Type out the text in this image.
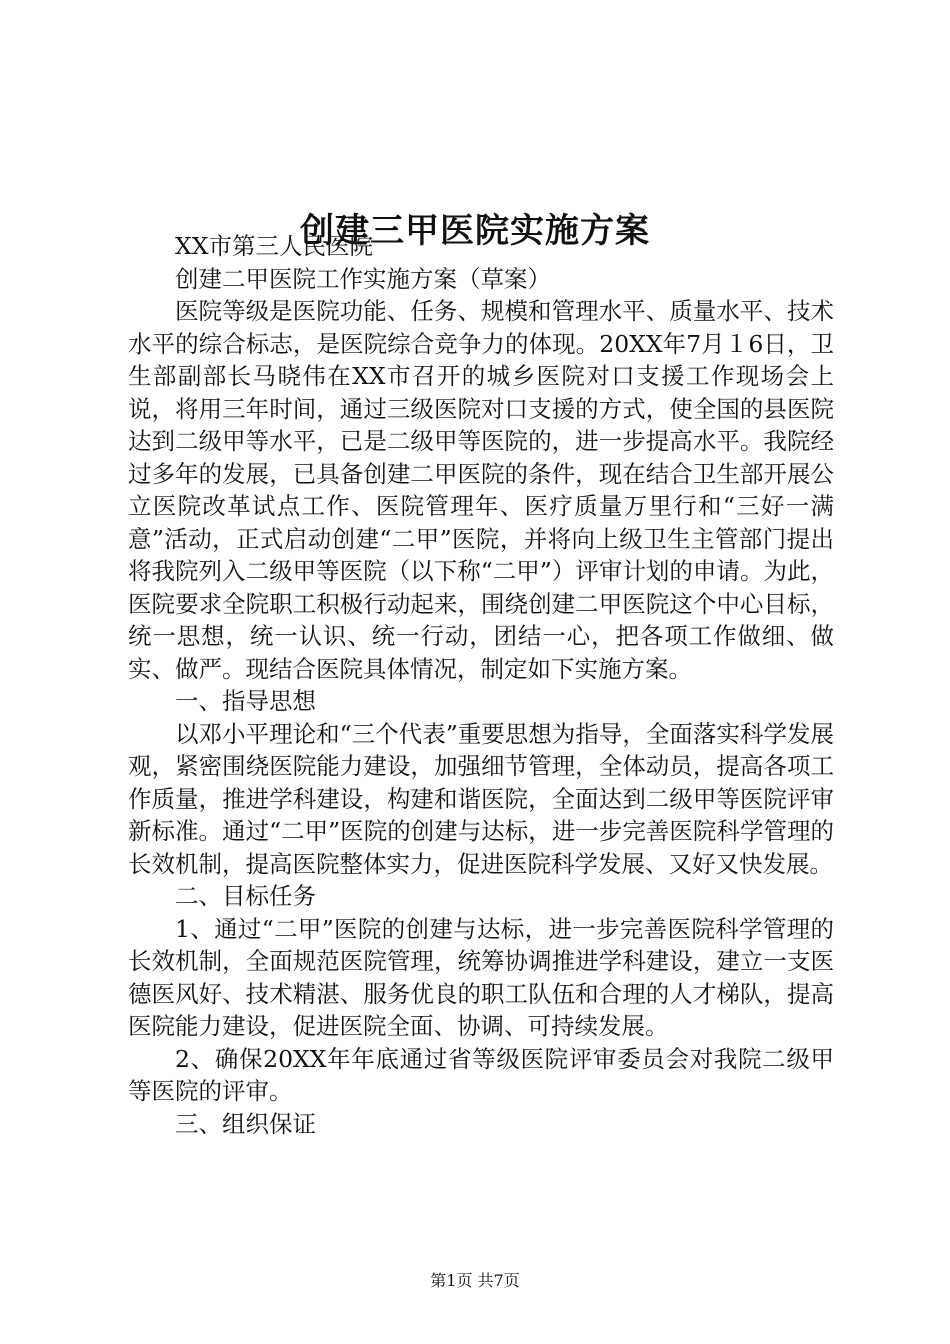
创建三甲医院实施方案

XX市第三人民医院

创建二甲医院工作实施方案（草案）

医院等级是医院功能、任务、规模和管理水平、质量水平、技术水平的综合标志，是医院综合竞争力的体现。20XX年7月１6日，卫生部副部长马晓伟在XX市召开的城乡医院对口支援工作现场会上说，将用三年时间，通过三级医院对口支援的方式，使全国的县医院达到二级甲等水平，已是二级甲等医院的，进一步提高水平。我院经过多年的发展，已具备创建二甲医院的条件，现在结合卫生部开展公立医院改革试点工作、医院管理年、医疗质量万里行和“三好一满意”活动，正式启动创建“二甲”医院，并将向上级卫生主管部门提出将我院列入二级甲等医院（以下称“二甲”）评审计划的申请。为此，医院要求全院职工积极行动起来，围绕创建二甲医院这个中心目标，统一思想，统一认识、统一行动，团结一心，把各项工作做细、做实、做严。现结合医院具体情况，制定如下实施方案。

一、指导思想

以邓小平理论和“三个代表”重要思想为指导，全面落实科学发展观，紧密围绕医院能力建设，加强细节管理，全体动员，提高各项工作质量，推进学科建设，构建和谐医院，全面达到二级甲等医院评审新标准。通过“二甲”医院的创建与达标，进一步完善医院科学管理的长效机制，提高医院整体实力，促进医院科学发展、又好又快发展。

二、目标任务

1、通过“二甲”医院的创建与达标，进一步完善医院科学管理的长效机制，全面规范医院管理，统筹协调推进学科建设，建立一支医德医风好、技术精湛、服务优良的职工队伍和合理的人才梯队，提高医院能力建设，促进医院全面、协调、可持续发展。

2、确保20XX年年底通过省等级医院评审委员会对我院二级甲等医院的评审。

三、组织保证

第1页 共7页
